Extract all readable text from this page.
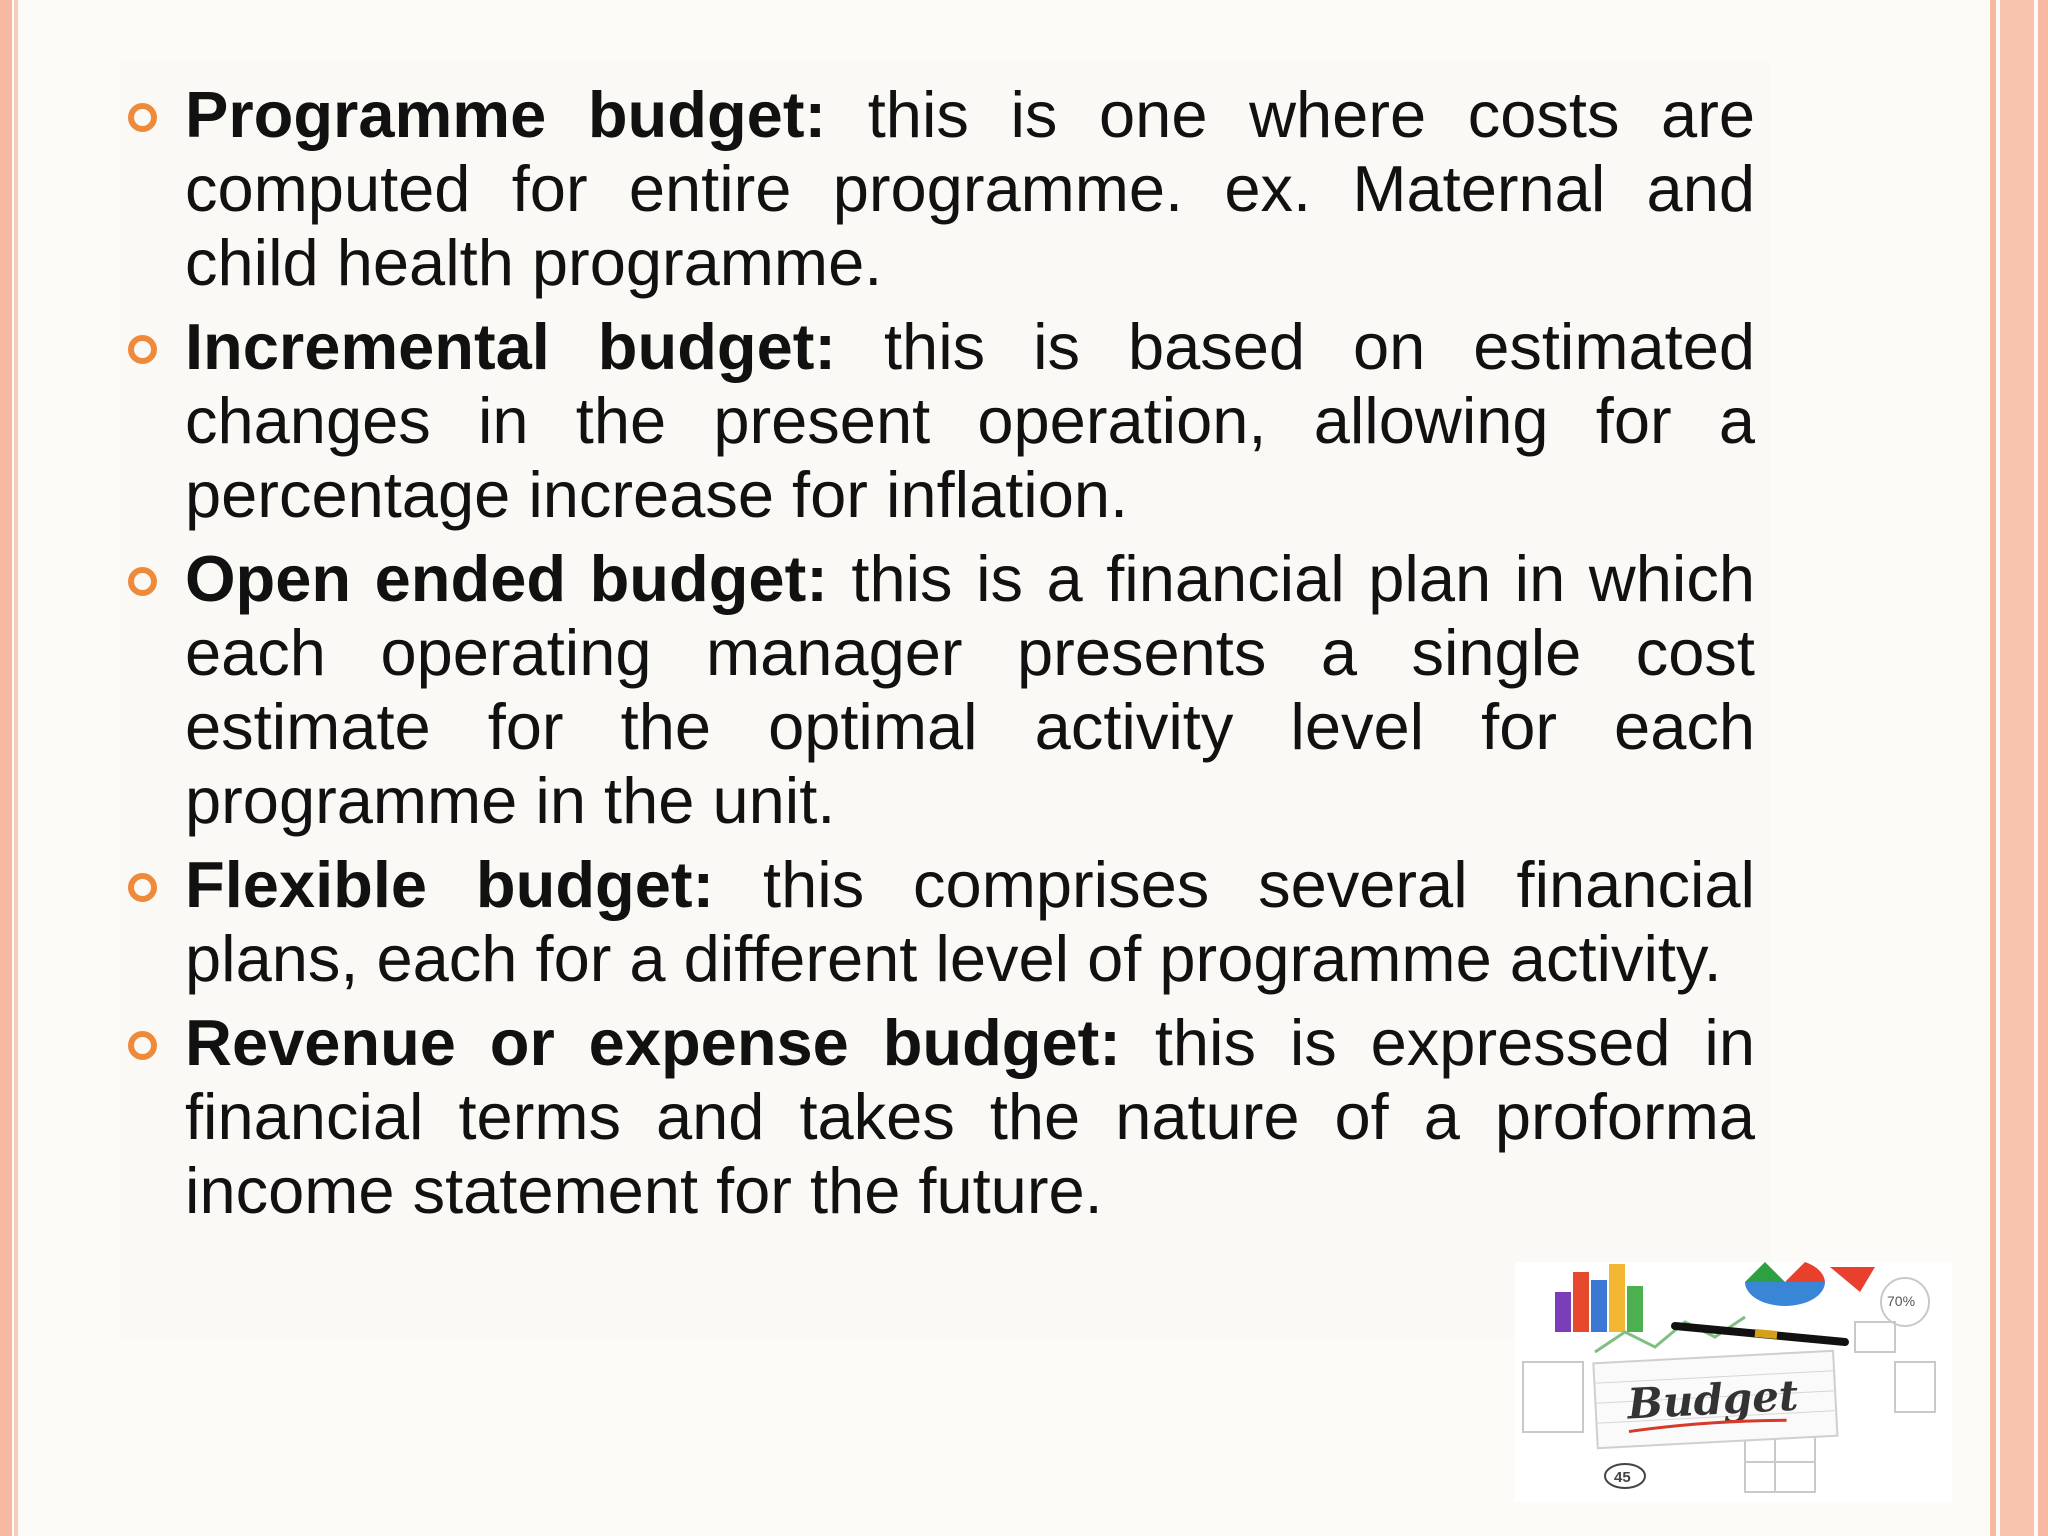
Programme budget: this is one where costs are computed for entire programme. ex. Maternal and child health programme.
Incremental budget: this is based on estimated changes in the present operation, allowing for a percentage increase for inflation.
Open ended budget: this is a financial plan in which each operating manager presents a single cost estimate for the optimal activity level for each programme in the unit.
Flexible budget: this comprises several financial plans, each for a different level of programme activity.
Revenue or expense budget: this is expressed in financial terms and takes the nature of a proforma income statement for the future.
70%
Budget
45
